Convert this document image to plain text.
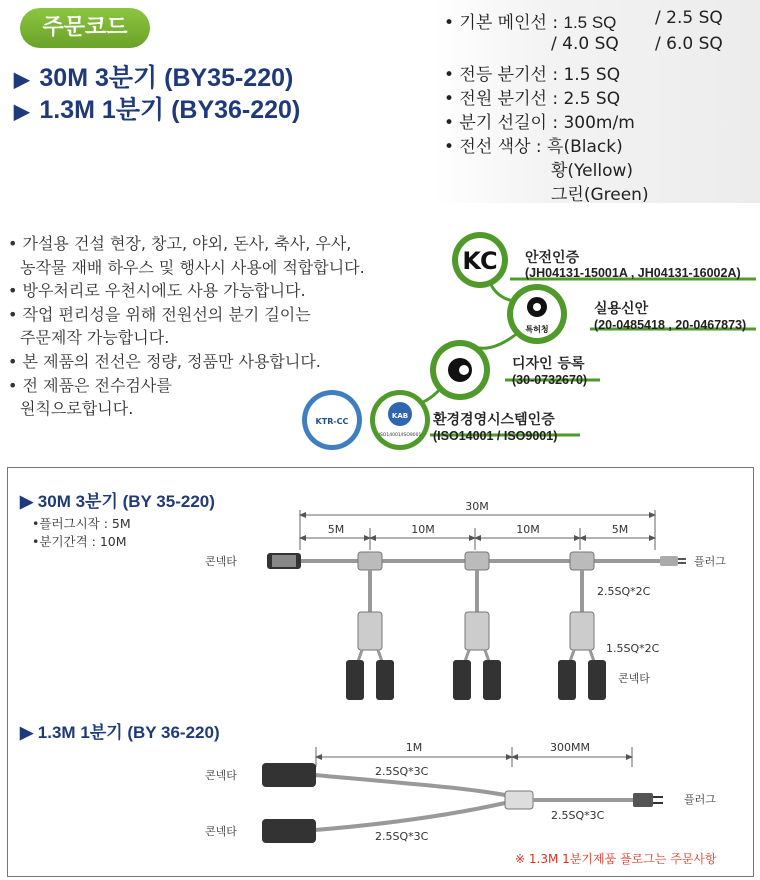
주문코드
▶ 30M 3분기 (BY35-220)
▶ 1.3M 1분기 (BY36-220)
• 기본 메인선 : 1.5 SQ / 2.5 SQ
/ 4.0 SQ / 6.0 SQ
• 전등 분기선 : 1.5 SQ
• 전원 분기선 : 2.5 SQ
• 분기 선길이 : 300m/m
• 전선 색상 : 흑(Black)
황(Yellow)
그린(Green)
• 가설용 건설 현장, 창고, 야외, 돈사, 축사, 우사,
농작물 재배 하우스 및 행사시 사용에 적합합니다.
• 방우처리로 우천시에도 사용 가능합니다.
• 작업 편리성을 위해 전원선의 분기 길이는
주문제작 가능합니다.
• 본 제품의 전선은 정량, 정품만 사용합니다.
• 전 제품은 전수검사를
원칙으로합니다.
KC
특허청
KTR-CC
KAB
ISO14001/ISO9001
안전인증
(JH04131-15001A , JH04131-16002A)
실용신안
(20-0485418 , 20-0467873)
디자인 등록
(30-0732670)
환경경영시스템인증
(ISO14001 / ISO9001)
▶ 30M 3분기 (BY 35-220)
•플러그시작 : 5M
•분기간격 : 10M
30M
5M	10M	10M	5M
콘넥타	플러그
2.5SQ*2C
1.5SQ*2C
콘넥타
▶ 1.3M 1분기 (BY 36-220)
1M	300MM
콘넥타
콘넥타
플러그
2.5SQ*3C
2.5SQ*3C
2.5SQ*3C
※ 1.3M 1분기제품 플로그는 주문사항
